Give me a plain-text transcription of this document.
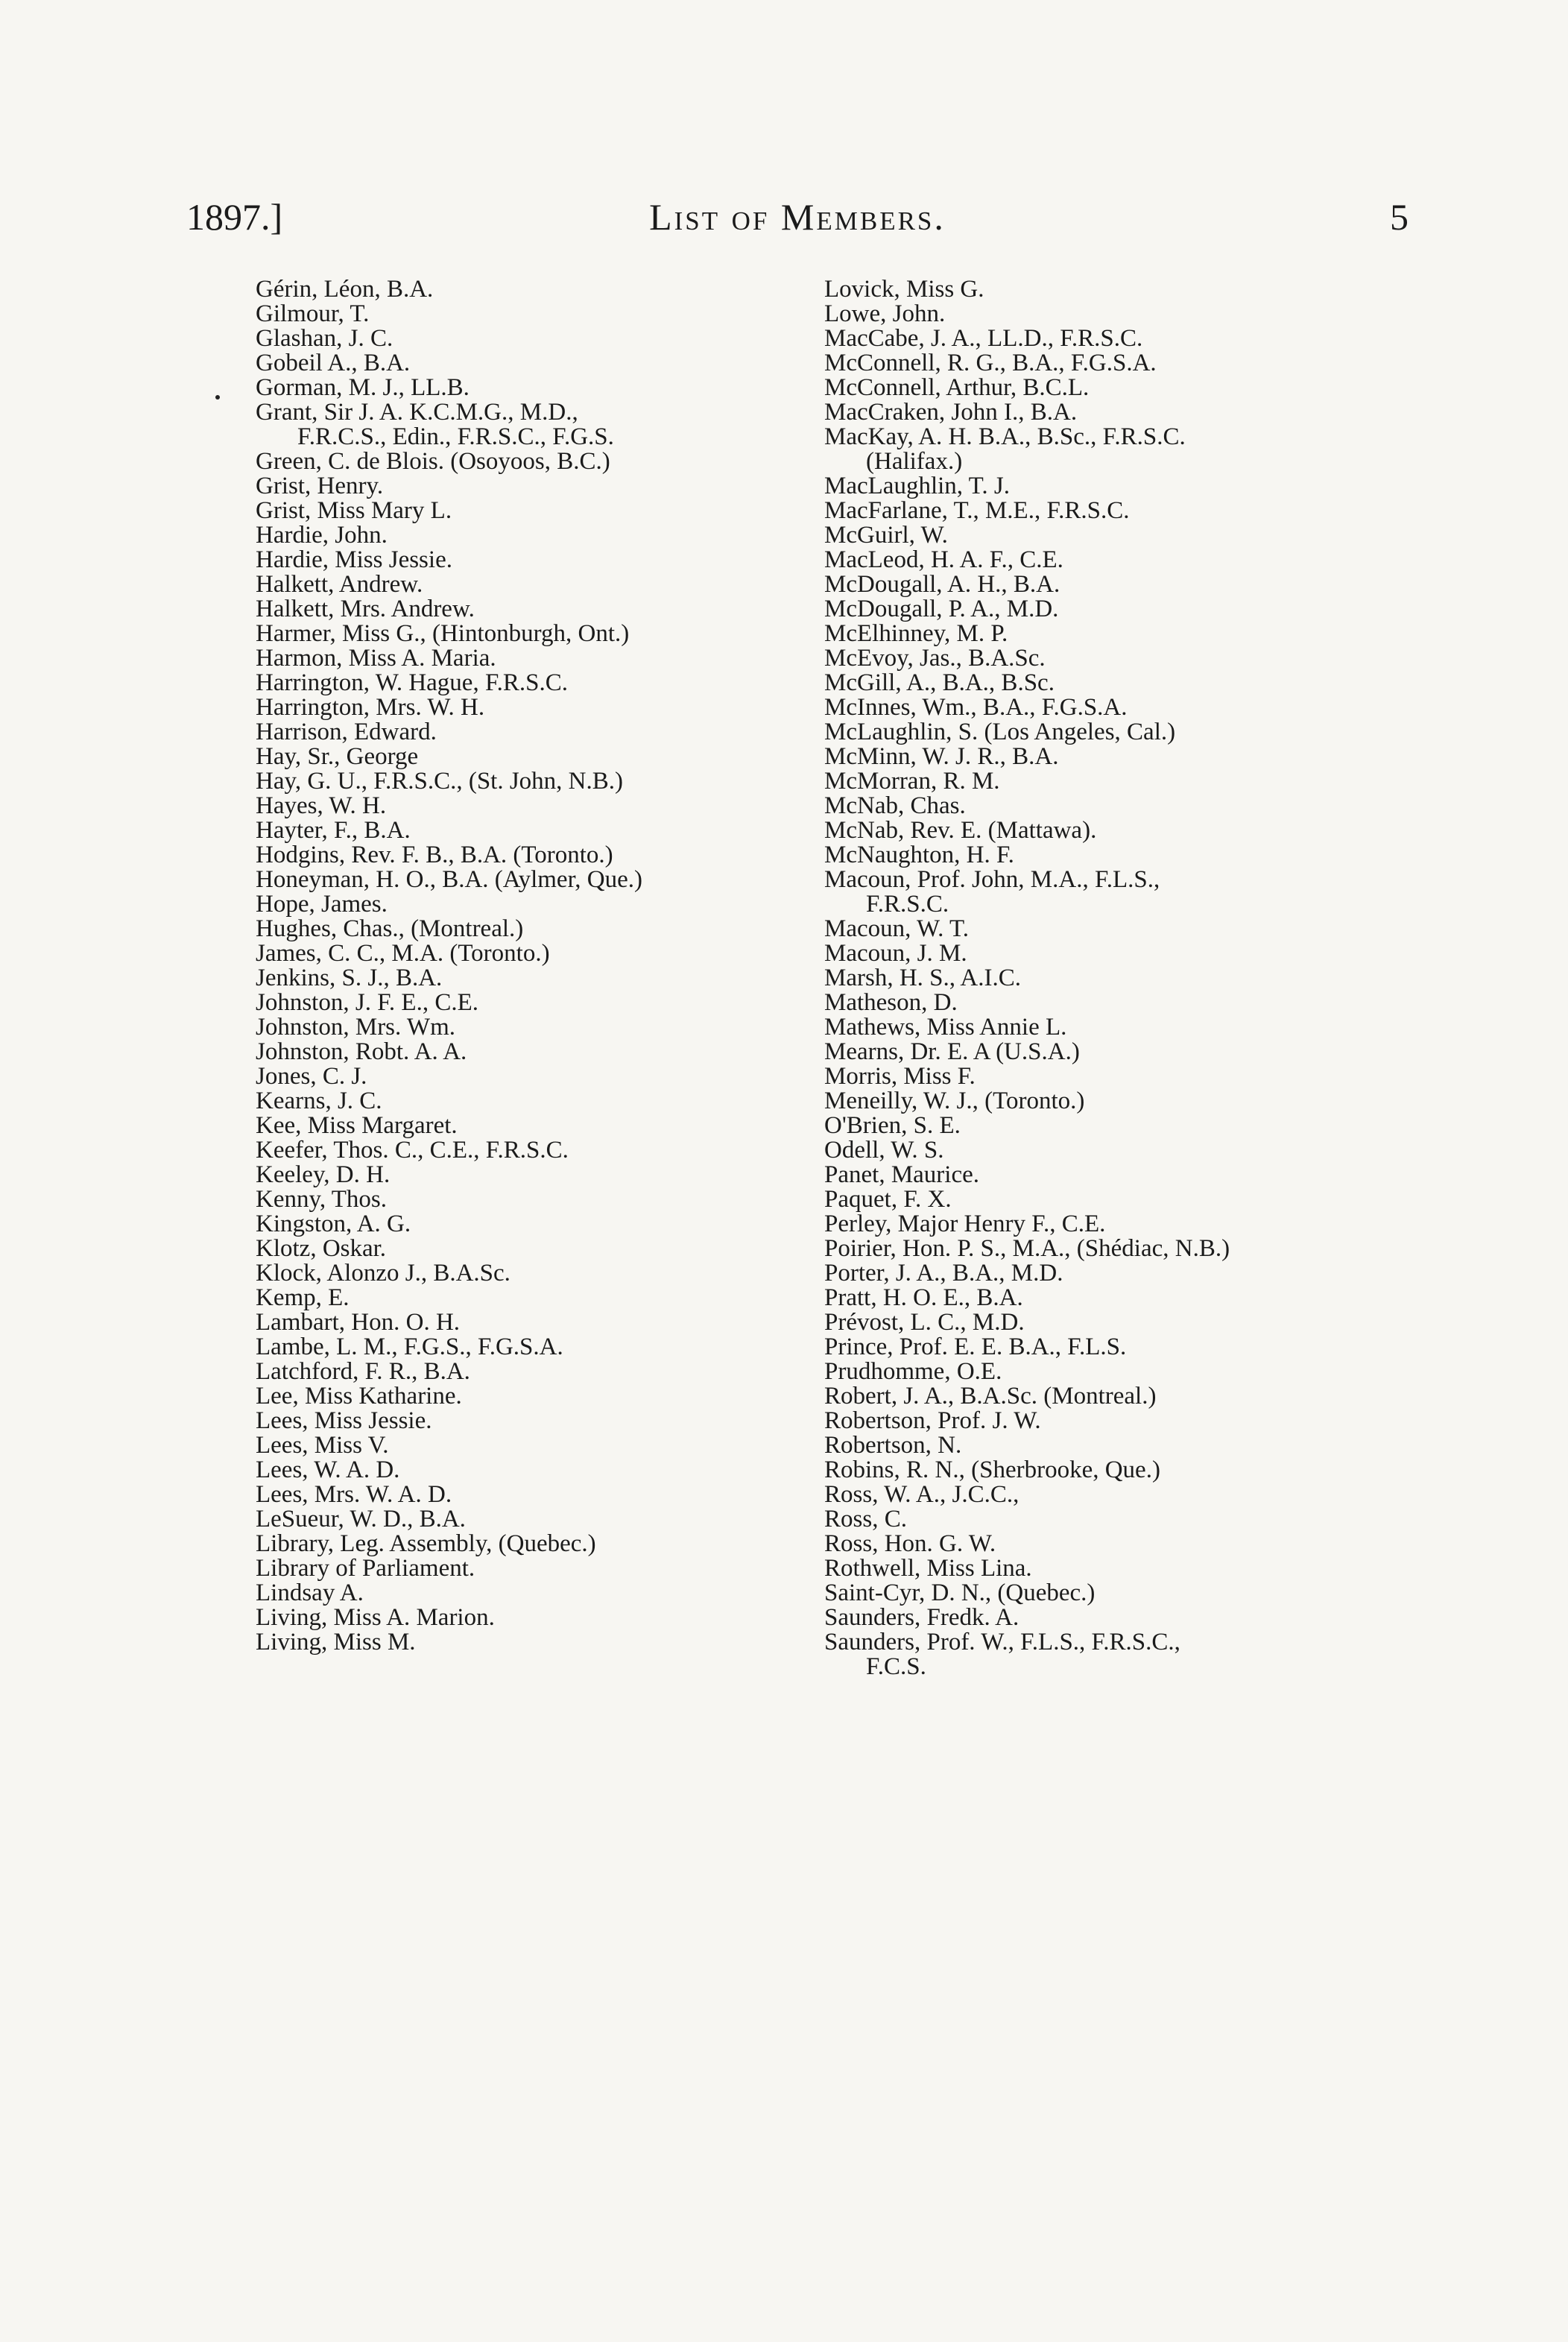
1897.]	List of Members.	5
Gérin, Léon, B.A.
Gilmour, T.
Glashan, J. C.
Gobeil A., B.A.
Gorman, M. J., LL.B.
Grant, Sir J. A. K.C.M.G., M.D.,
F.R.C.S., Edin., F.R.S.C., F.G.S.
Green, C. de Blois. (Osoyoos, B.C.)
Grist, Henry.
Grist, Miss Mary L.
Hardie, John.
Hardie, Miss Jessie.
Halkett, Andrew.
Halkett, Mrs. Andrew.
Harmer, Miss G., (Hintonburgh, Ont.)
Harmon, Miss A. Maria.
Harrington, W. Hague, F.R.S.C.
Harrington, Mrs. W. H.
Harrison, Edward.
Hay, Sr., George
Hay, G. U., F.R.S.C., (St. John, N.B.)
Hayes, W. H.
Hayter, F., B.A.
Hodgins, Rev. F. B., B.A. (Toronto.)
Honeyman, H. O., B.A. (Aylmer, Que.)
Hope, James.
Hughes, Chas., (Montreal.)
James, C. C., M.A. (Toronto.)
Jenkins, S. J., B.A.
Johnston, J. F. E., C.E.
Johnston, Mrs. Wm.
Johnston, Robt. A. A.
Jones, C. J.
Kearns, J. C.
Kee, Miss Margaret.
Keefer, Thos. C., C.E., F.R.S.C.
Keeley, D. H.
Kenny, Thos.
Kingston, A. G.
Klotz, Oskar.
Klock, Alonzo J., B.A.Sc.
Kemp, E.
Lambart, Hon. O. H.
Lambe, L. M., F.G.S., F.G.S.A.
Latchford, F. R., B.A.
Lee, Miss Katharine.
Lees, Miss Jessie.
Lees, Miss V.
Lees, W. A. D.
Lees, Mrs. W. A. D.
LeSueur, W. D., B.A.
Library, Leg. Assembly, (Quebec.)
Library of Parliament.
Lindsay A.
Living, Miss A. Marion.
Living, Miss M.
Lovick, Miss G.
Lowe, John.
MacCabe, J. A., LL.D., F.R.S.C.
McConnell, R. G., B.A., F.G.S.A.
McConnell, Arthur, B.C.L.
MacCraken, John I., B.A.
MacKay, A. H. B.A., B.Sc., F.R.S.C.
(Halifax.)
MacLaughlin, T. J.
MacFarlane, T., M.E., F.R.S.C.
McGuirl, W.
MacLeod, H. A. F., C.E.
McDougall, A. H., B.A.
McDougall, P. A., M.D.
McElhinney, M. P.
McEvoy, Jas., B.A.Sc.
McGill, A., B.A., B.Sc.
McInnes, Wm., B.A., F.G.S.A.
McLaughlin, S. (Los Angeles, Cal.)
McMinn, W. J. R., B.A.
McMorran, R. M.
McNab, Chas.
McNab, Rev. E. (Mattawa).
McNaughton, H. F.
Macoun, Prof. John, M.A., F.L.S.,
F.R.S.C.
Macoun, W. T.
Macoun, J. M.
Marsh, H. S., A.I.C.
Matheson, D.
Mathews, Miss Annie L.
Mearns, Dr. E. A (U.S.A.)
Morris, Miss F.
Meneilly, W. J., (Toronto.)
O'Brien, S. E.
Odell, W. S.
Panet, Maurice.
Paquet, F. X.
Perley, Major Henry F., C.E.
Poirier, Hon. P. S., M.A., (Shédiac, N.B.)
Porter, J. A., B.A., M.D.
Pratt, H. O. E., B.A.
Prévost, L. C., M.D.
Prince, Prof. E. E. B.A., F.L.S.
Prudhomme, O.E.
Robert, J. A., B.A.Sc. (Montreal.)
Robertson, Prof. J. W.
Robertson, N.
Robins, R. N., (Sherbrooke, Que.)
Ross, W. A., J.C.C.,
Ross, C.
Ross, Hon. G. W.
Rothwell, Miss Lina.
Saint-Cyr, D. N., (Quebec.)
Saunders, Fredk. A.
Saunders, Prof. W., F.L.S., F.R.S.C.,
F.C.S.
